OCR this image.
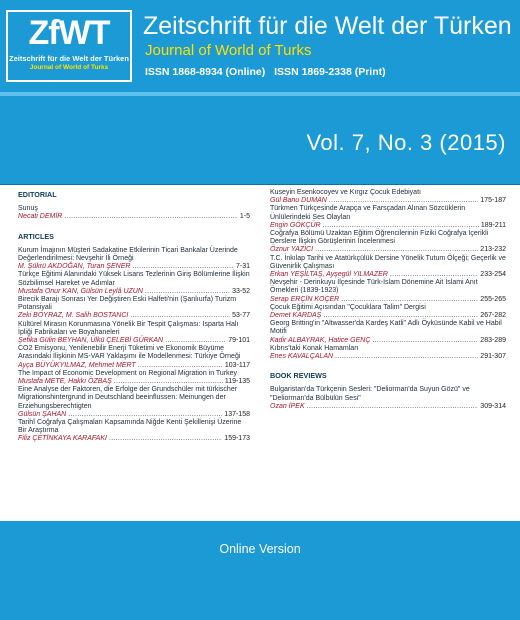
ZfWT
Zeitschrift für die Welt der Türken
Journal of World of Turks
Zeitschrift für die Welt der Türken
Journal of World of Turks
ISSN 1868-8934 (Online) ISSN 1869-2338 (Print)
Vol. 7, No. 3 (2015)
EDITORIAL
Sunuş
Necati DEMİR .....	1-5
ARTICLES
Kurum İmajının Müşteri Sadakatine Etkilerinin Ticari Bankalar Üzerinde Değerlendirilmesi: Nevşehir İli Örneği
M. Şükrü AKDOĞAN, Turan ŞENER .....	7-31
Türkçe Eğitimi Alanındaki Yüksek Lisans Tezlerinin Giriş Bölümlerine İlişkin Sözbilimsel Hareket ve Adımlar
Mustafa Onur KAN, Gülsün Leylâ UZUN .....	33-52
Birecik Barajı Sonrası Yer Değiştiren Eski Halfeti'nin (Şanlıurfa) Turizm Potansiyali
Zeki BOYRAZ, M. Salih BOSTANCI .....	53-77
Kültürel Mirasın Korunmasına Yönelik Bir Tespit Çalışması: Isparta Halı İpliği Fabrikaları ve Boyahaneleri
Şefika Gülin BEYHAN, Ülkü ÇELEBİ GÜRKAN .....	79-101
CO2 Emisyonu, Yenilenebilir Enerji Tüketimi ve Ekonomik Büyüme Arasındaki İlişkinin MS-VAR Yaklaşımı ile Modellenmesi: Türkiye Örneği
Ayça BÜYÜKYILMAZ, Mehmet MERT .....	103-117
The Impact of Economic Development on Regional Migration in Turkey
Mustafa METE, Hakkı ÖZBAŞ .....	119-135
Eine Analyse der Faktoren, die Erfolge der Grundschüler mit türkischer Migrationshintergrund in Deutschland beeinflussen: Meinungen der Erziehungsberechtigten
Gülsün ŞAHAN .....	137-158
Tarihî Coğrafya Çalışmaları Kapsamında Niğde Kenti Şekillenişi Üzerine Bir Araştırma
Filiz ÇETİNKAYA KARAFAKI .....	159-173
Kuseyin Esenkocoyev ve Kırgız Çocuk Edebiyatı
Gül Banu DUMAN .....	175-187
Türkmen Türkçesinde Arapça ve Farsçadan Alınan Sözcüklerin Ünlülerindeki Ses Olayları
Engin GÖKÇÜR .....	189-211
Coğrafya Bölümü Uzaktan Eğitim Öğrencilerinin Fiziki Coğrafya İçerikli Derslere İlişkin Görüşlerinin İncelenmesi
Öznur YAZICI .....	213-232
T.C. İnkılap Tarihi ve Atatürkçülük Dersine Yönelik Tutum Ölçeği; Geçerlik ve Güvenirlik Çalışması
Erkan YEŞİLTAŞ, Ayşegül YILMAZER .....	233-254
Nevşehir - Derinkuyu İlçesinde Türk-İslam Dönemine Ait İslami Anıt Örnekleri (1839-1923)
Serap ERÇİN KOÇER .....	255-265
Çocuk Eğitimi Açısından "Çocuklara Talim" Dergisi
Demet KARDAŞ .....	267-282
Georg Britting'in "Altwasser'da Kardeş Katli" Adlı Öyküsünde Kabil ve Habil Motifi
Kadir ALBAYRAK, Hatice GENÇ .....	283-289
Kıbrıs'taki Konak Hamamları
Enes KAVALÇALAN .....	291-307
BOOK REVIEWS
Bulgaristan'da Türkçenin Sesleri: "Deliorman'da Suyun Gözü" ve "Deliorman'da Bülbülün Sesi"
Ozan İPEK .....	309-314
Online Version
